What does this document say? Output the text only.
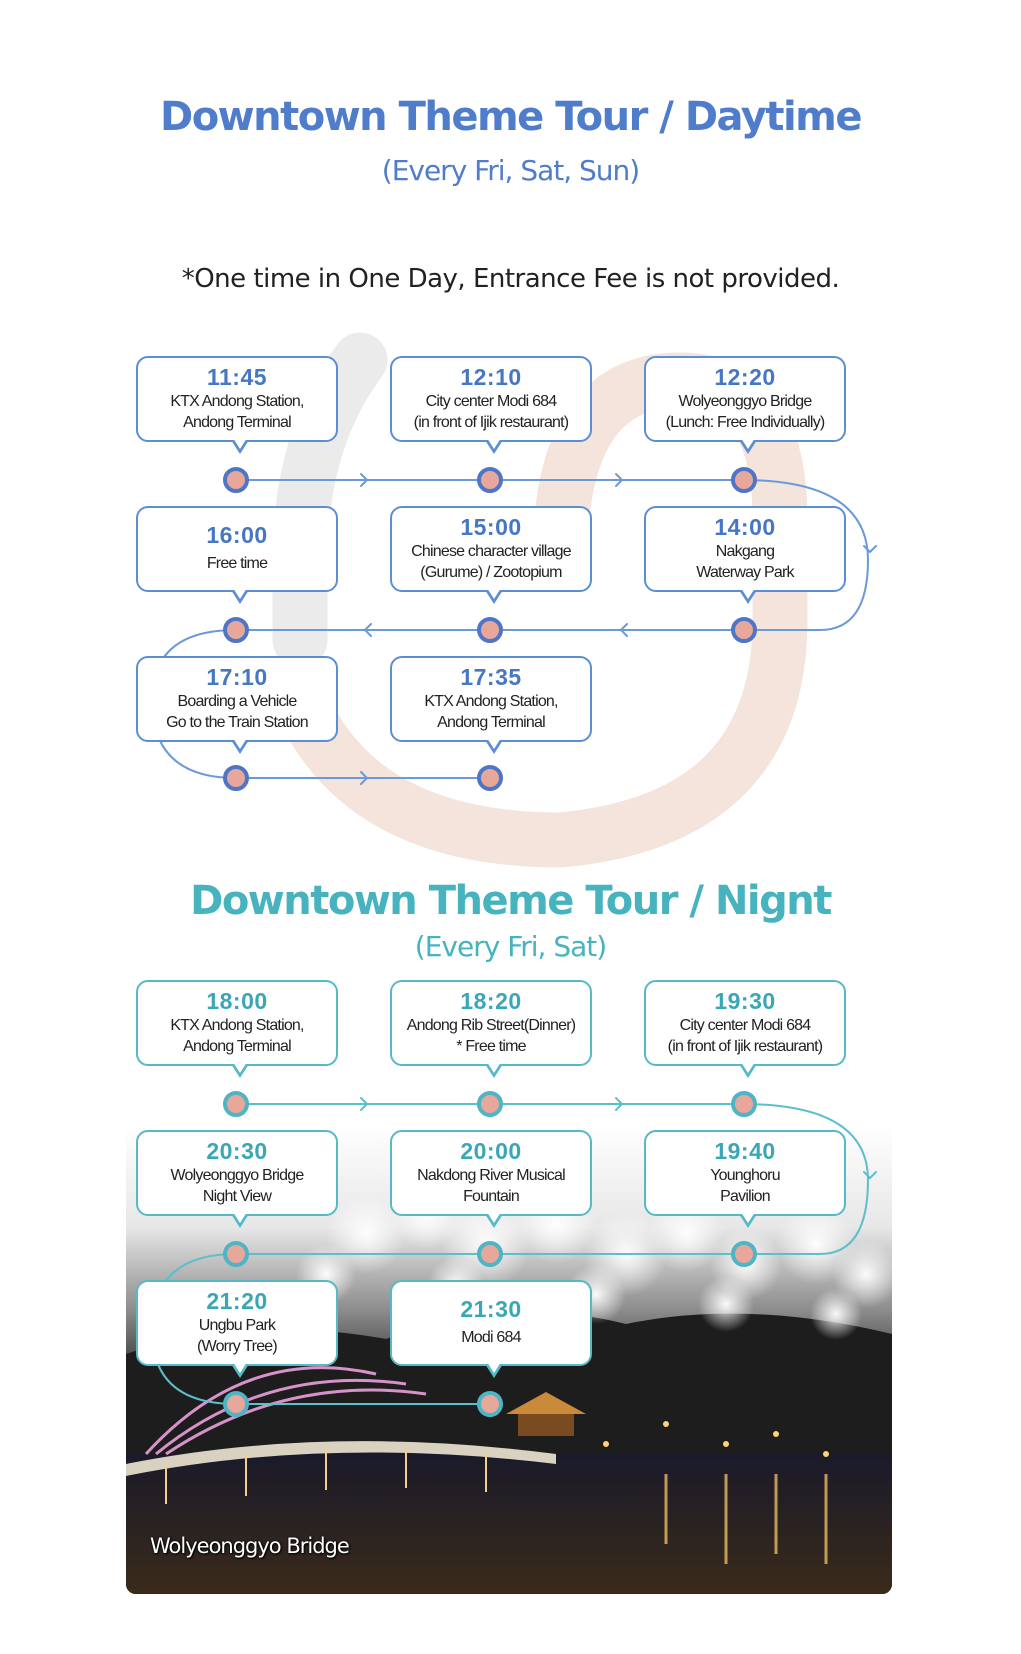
Wolyeonggyo Bridge
Downtown Theme Tour / Daytime
(Every Fri, Sat, Sun)
*One time in One Day, Entrance Fee is not provided.
Downtown Theme Tour / Nignt
(Every Fri, Sat)
11:45
KTX Andong Station,
Andong Terminal
12:10
City center Modi 684
(in front of Ijik restaurant)
12:20
Wolyeonggyo Bridge
(Lunch: Free Individually)
14:00
Nakgang
Waterway Park
15:00
Chinese character village
(Gurume) / Zootopium
16:00
Free time
17:10
Boarding a Vehicle
Go to the Train Station
17:35
KTX Andong Station,
Andong Terminal
18:00
KTX Andong Station,
Andong Terminal
18:20
Andong Rib Street(Dinner)
* Free time
19:30
City center Modi 684
(in front of Ijik restaurant)
19:40
Younghoru
Pavilion
20:00
Nakdong River Musical
Fountain
20:30
Wolyeonggyo Bridge
Night View
21:20
Ungbu Park
(Worry Tree)
21:30
Modi 684
